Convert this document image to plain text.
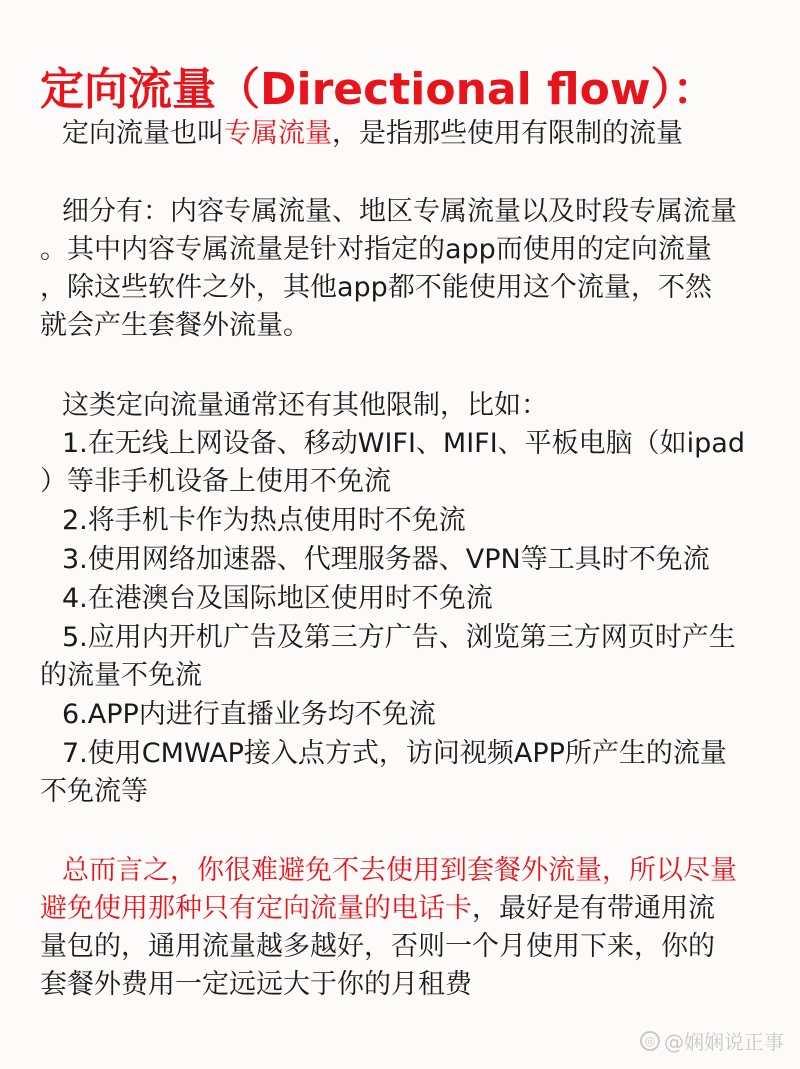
定向流量（Directional flow）：
定向流量也叫专属流量，是指那些使用有限制的流量
细分有：内容专属流量、地区专属流量以及时段专属流量
。其中内容专属流量是针对指定的app而使用的定向流量
，除这些软件之外，其他app都不能使用这个流量，不然
就会产生套餐外流量。
这类定向流量通常还有其他限制，比如：
1.在无线上网设备、移动WIFI、MIFI、平板电脑（如ipad
）等非手机设备上使用不免流
2.将手机卡作为热点使用时不免流
3.使用网络加速器、代理服务器、VPN等工具时不免流
4.在港澳台及国际地区使用时不免流
5.应用内开机广告及第三方广告、浏览第三方网页时产生
的流量不免流
6.APP内进行直播业务均不免流
7.使用CMWAP接入点方式，访问视频APP所产生的流量
不免流等
总而言之，你很难避免不去使用到套餐外流量，所以尽量
避免使用那种只有定向流量的电话卡，最好是有带通用流
量包的，通用流量越多越好，否则一个月使用下来，你的
套餐外费用一定远远大于你的月租费
◎ @娴娴说正事
